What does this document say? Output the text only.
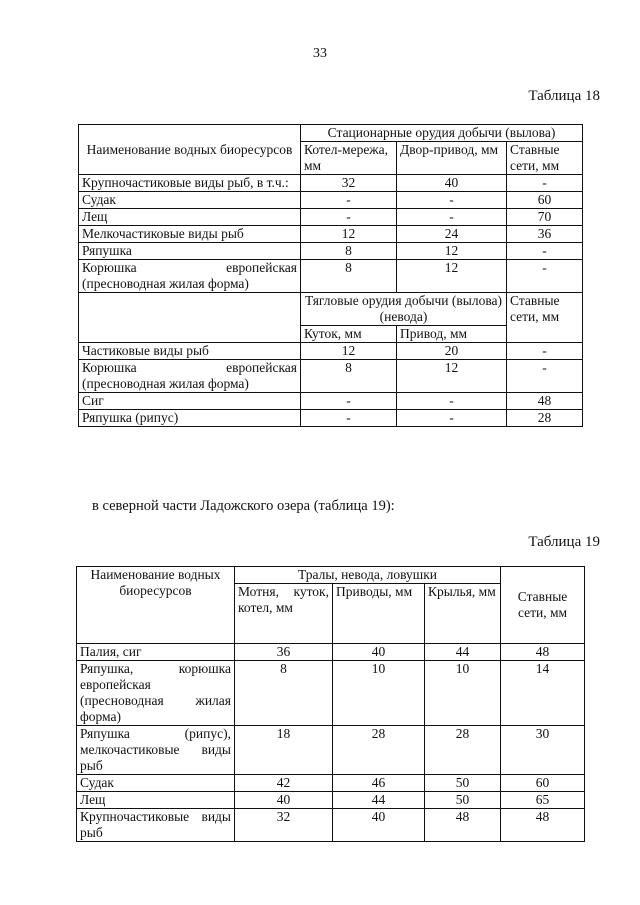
33
Таблица 18
Наименование водных биоресурсов	Стационарные орудия добычи (вылова)		
	Котел-мережа, мм	Двор-привод, мм	Ставные сети, мм
Крупночастиковые виды рыб, в т.ч.:	32	40	-
Судак	-	-	60
Лещ	-	-	70
Мелкочастиковые виды рыб	12	24	36
Ряпушка	8	12	-
Корюшка европейская (пресноводная жилая форма)	8	12	-
	Тягловые орудия добычи (вылова) (невода)		Ставные сети, мм
	Куток, мм	Привод, мм	
Частиковые виды рыб	12	20	-
Корюшка европейская (пресноводная жилая форма)	8	12	-
Сиг	-	-	48
Ряпушка (рипус)	-	-	28
в северной части Ладожского озера (таблица 19):
Таблица 19
Наименование водных биоресурсов	Тралы, невода, ловушки			Ставные сети, мм
	Мотня, куток, котел, мм	Приводы, мм	Крылья, мм	
Палия, сиг	36	40	44	48
Ряпушка, корюшка европейская (пресноводная жилая форма)	8	10	10	14
Ряпушка (рипус), мелкочастиковые виды рыб	18	28	28	30
Судак	42	46	50	60
Лещ	40	44	50	65
Крупночастиковые виды рыб	32	40	48	48
